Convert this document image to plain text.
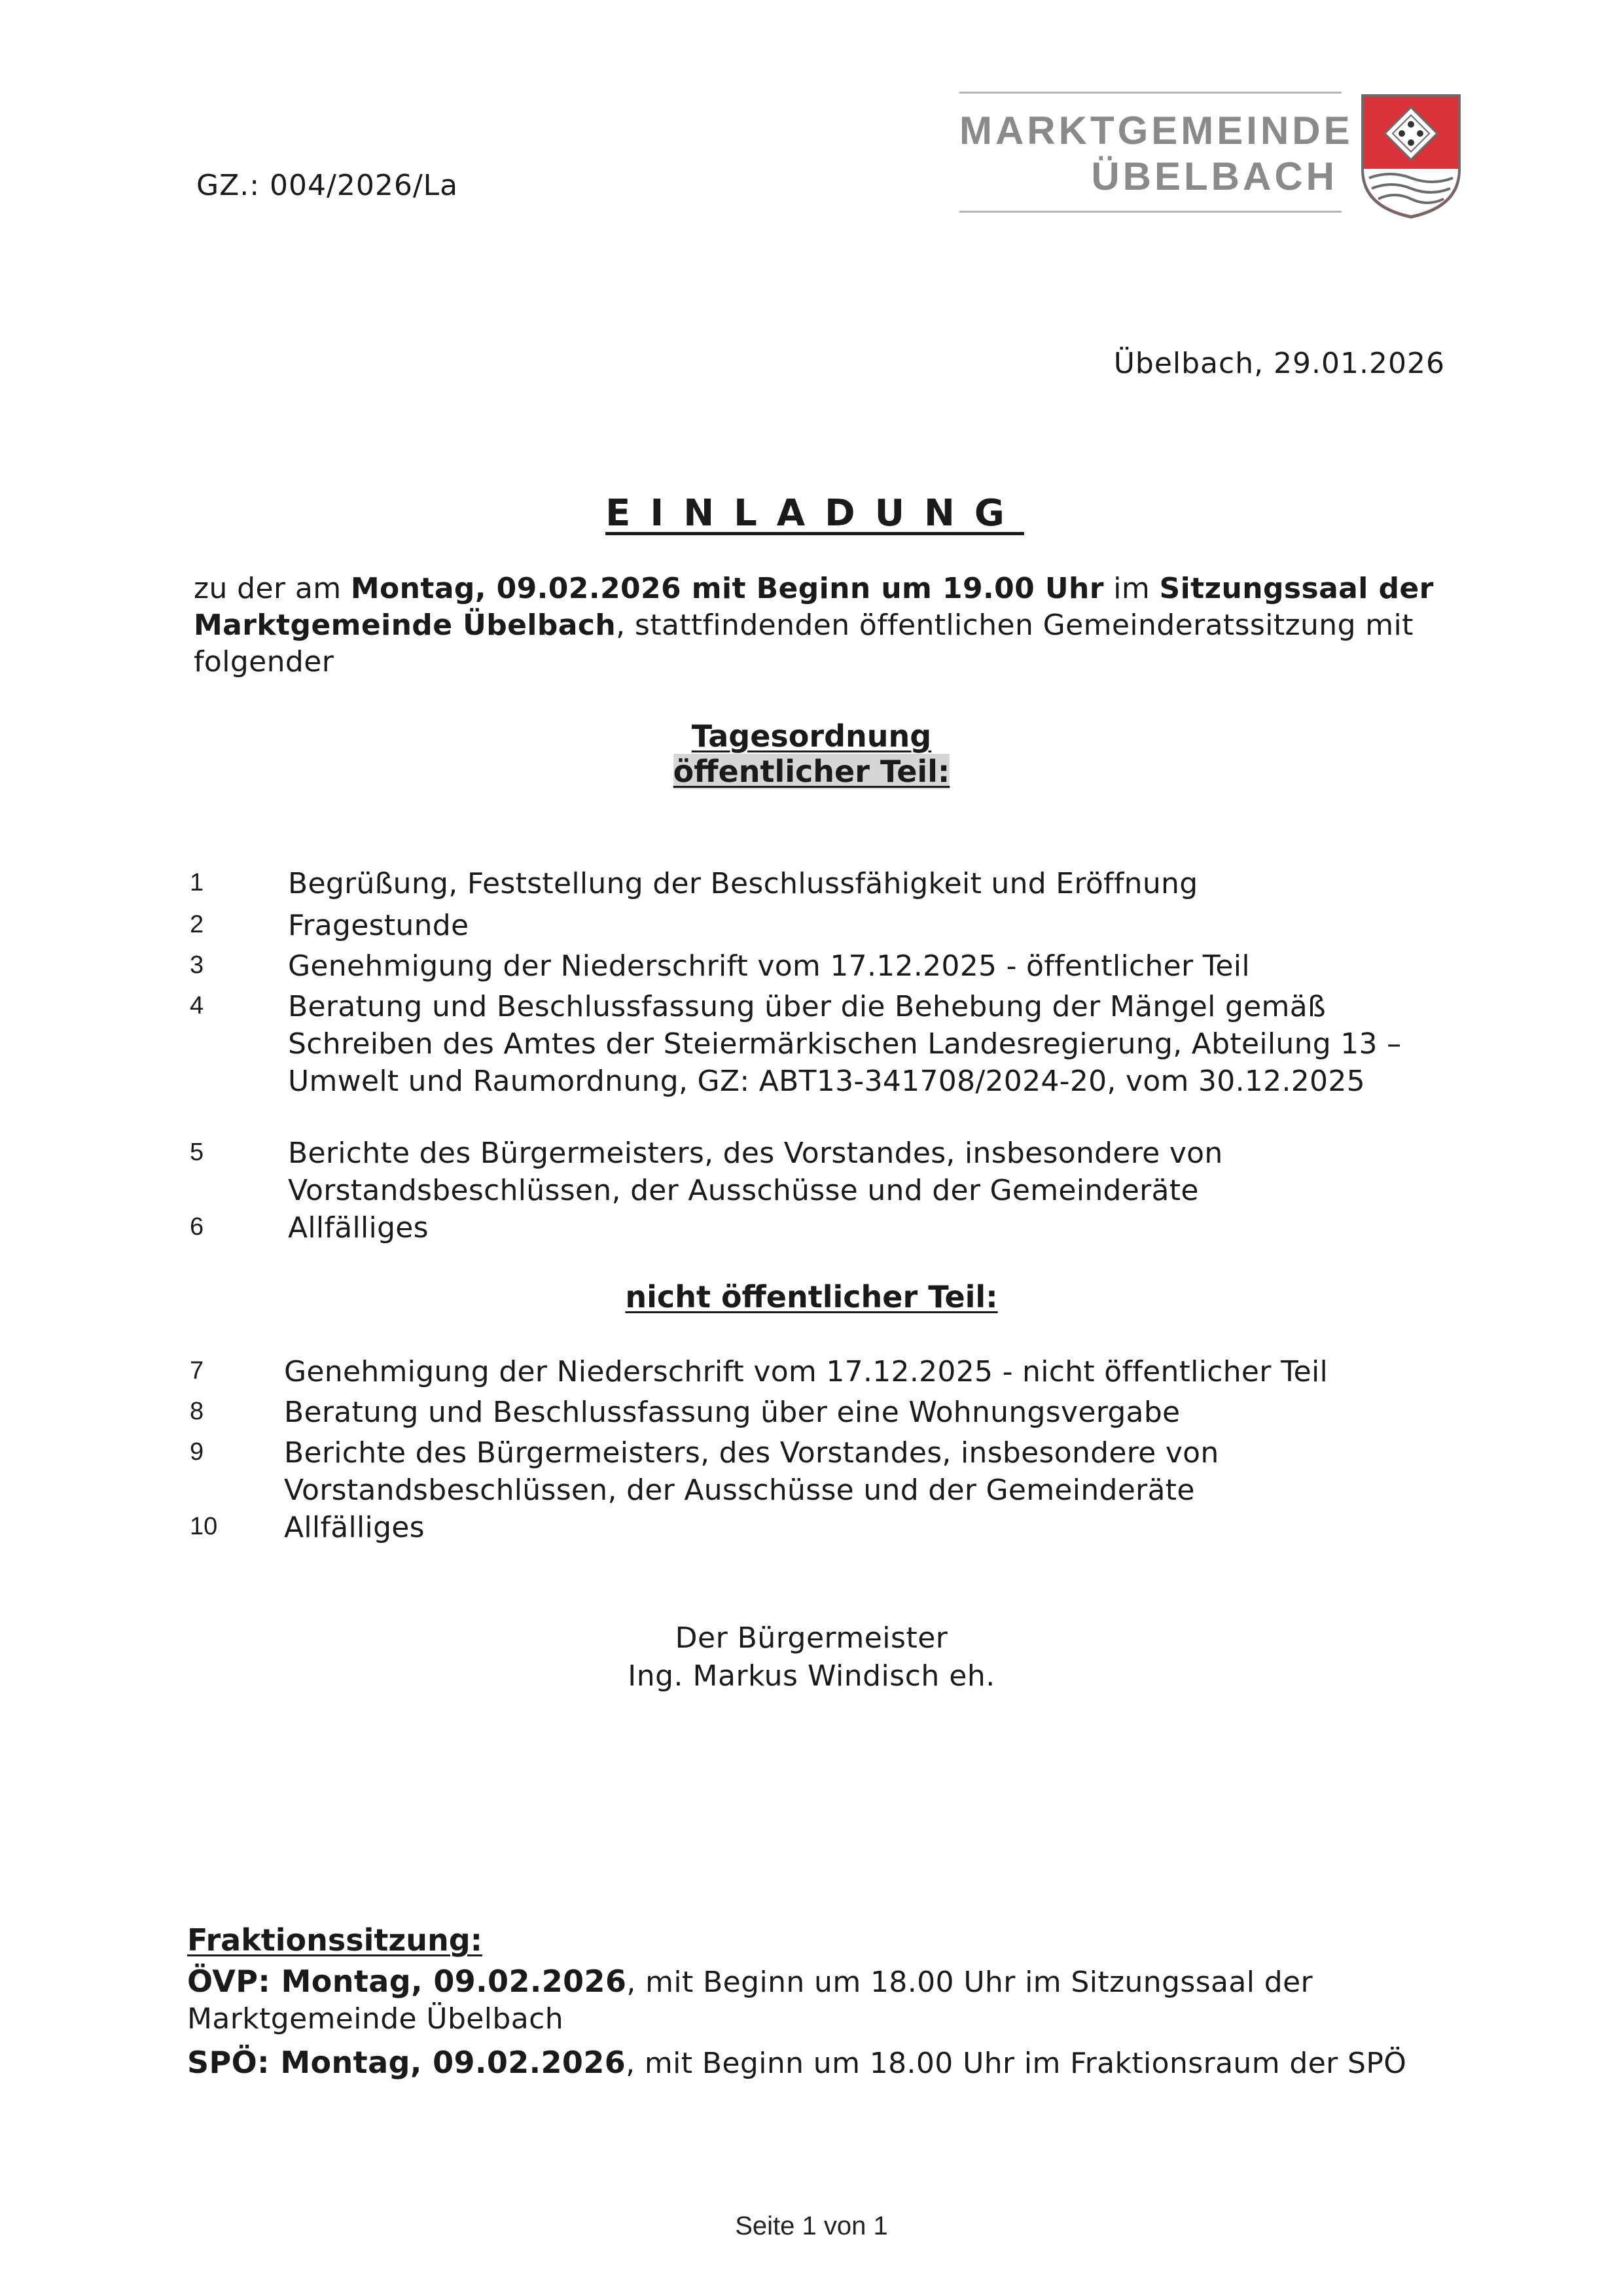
GZ.: 004/2026/La
MARKTGEMEINDE
ÜBELBACH
Übelbach, 29.01.2026
EINLADUNG
zu der am Montag, 09.02.2026 mit Beginn um 19.00 Uhr im Sitzungssaal der Marktgemeinde Übelbach, stattfindenden öffentlichen Gemeinderatssitzung mit folgender
Tagesordnung
öffentlicher Teil:
1	Begrüßung, Feststellung der Beschlussfähigkeit und Eröffnung
2	Fragestunde
3	Genehmigung der Niederschrift vom 17.12.2025 - öffentlicher Teil
4	Beratung und Beschlussfassung über die Behebung der Mängel gemäß Schreiben des Amtes der Steiermärkischen Landesregierung, Abteilung 13 – Umwelt und Raumordnung, GZ: ABT13-341708/2024-20, vom 30.12.2025
5	Berichte des Bürgermeisters, des Vorstandes, insbesondere von Vorstandsbeschlüssen, der Ausschüsse und der Gemeinderäte
6	Allfälliges
nicht öffentlicher Teil:
7	Genehmigung der Niederschrift vom 17.12.2025 - nicht öffentlicher Teil
8	Beratung und Beschlussfassung über eine Wohnungsvergabe
9	Berichte des Bürgermeisters, des Vorstandes, insbesondere von Vorstandsbeschlüssen, der Ausschüsse und der Gemeinderäte
10	Allfälliges
Der Bürgermeister
Ing. Markus Windisch eh.
Fraktionssitzung:
ÖVP: Montag, 09.02.2026, mit Beginn um 18.00 Uhr im Sitzungssaal der Marktgemeinde Übelbach
SPÖ: Montag, 09.02.2026, mit Beginn um 18.00 Uhr im Fraktionsraum der SPÖ
Seite 1 von 1
